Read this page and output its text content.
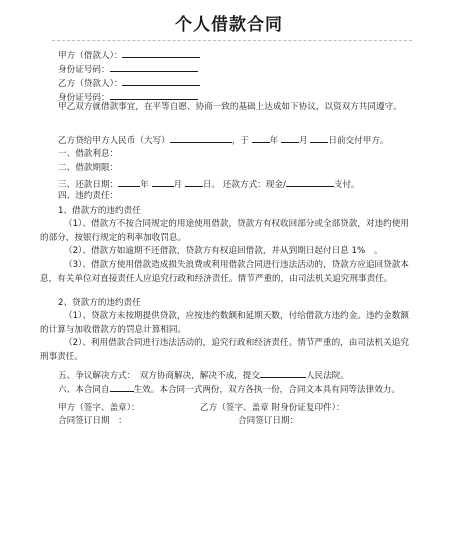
个人借款合同
甲方（借款人）：
身份证号码：
乙方（贷款人）：
身份证号码：
甲乙双方就借款事宜，在平等自愿、协商一致的基础上达成如下协议，以资双方共同遵守。
乙方贷给甲方人民币（大写）	，于 年 月 日前交付甲方。
一、借款利息：
二、借款期限：
三、还款日期：	年	月 日。 还款方式：现金/	支付。
四、违约责任：
1、借款方的违约责任
（1）、借款方不按合同规定的用途使用借款，贷款方有权收回部分或全部贷款，对违约使用的部分，按银行规定的利率加收罚息。
（2）、借款方如逾期不还借款，贷款方有权追回借款，并从到期日起付日息 1%　。
（3）、借款方使用借款造成损失浪费或利用借款合同进行违法活动的，贷款方应追回贷款本息，有关单位对直接责任人应追究行政和经济责任。情节严重的，由司法机关追究刑事责任。
2、贷款方的违约责任
（1）、贷款方未按期提供贷款，应按违约数额和延期天数，付给借款方违约金。违约金数额的计算与加收借款方的罚息计算相同。
（2）、利用借款合同进行违法活动的，追究行政和经济责任。情节严重的，由司法机关追究刑事责任。
五、争议解决方式：　双方协商解决，解决不成，提交	人民法院。
六、本合同自	生效。本合同一式两份，双方各执一份，合同文本具有同等法律效力。
甲方（签字、盖章）：	乙方（签字、盖章 附身份证复印件）：
合同签订日期　：	合同签订日期：
